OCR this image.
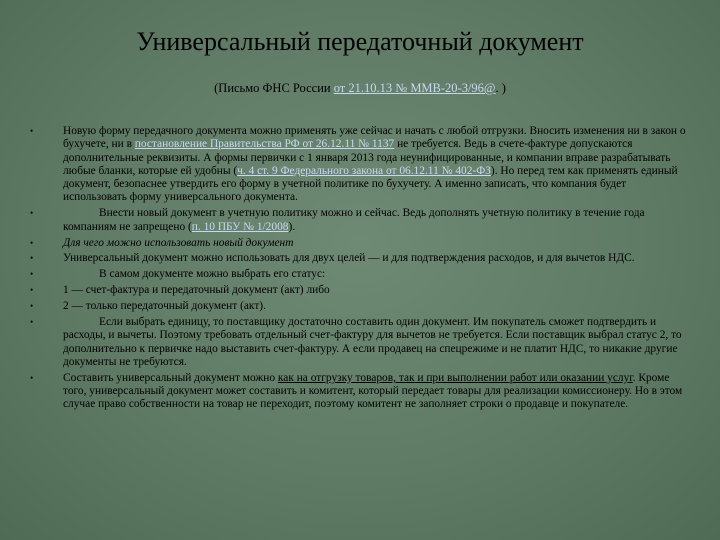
Универсальный передаточный документ
(Письмо ФНС России от 21.10.13 № ММВ-20-3/96@. )
•	Новую форму передачного документа можно применять уже сейчас и начать с любой отгрузки. Вносить изменения ни в закон о бухучете, ни в постановление Правительства РФ от 26.12.11 № 1137 не требуется. Ведь в счете-фактуре допускаются дополнительные реквизиты. А формы первички с 1 января 2013 года неунифицированные, и компании вправе разрабатывать любые бланки, которые ей удобны (ч. 4 ст. 9 Федерального закона от 06.12.11 № 402-ФЗ). Но перед тем как применять единый документ, безопаснее утвердить его форму в учетной политике по бухучету. А именно записать, что компания будет использовать форму универсального документа.
•	Внести новый документ в учетную политику можно и сейчас. Ведь дополнять учетную политику в течение года компаниям не запрещено (п. 10 ПБУ № 1/2008).
•	Для чего можно использовать новый документ
•	Универсальный документ можно использовать для двух целей — и для подтверждения расходов, и для вычетов НДС.
•	В самом документе можно выбрать его статус:
•	1 — счет-фактура и передаточный документ (акт) либо
•	2 — только передаточный документ (акт).
•	Если выбрать единицу, то поставщику достаточно составить один документ. Им покупатель сможет подтвердить и расходы, и вычеты. Поэтому требовать отдельный счет-фактуру для вычетов не требуется. Если поставщик выбрал статус 2, то дополнительно к первичке надо выставить счет-фактуру. А если продавец на спецрежиме и не платит НДС, то никакие другие документы не требуются.
•	Составить универсальный документ можно как на отгрузку товаров, так и при выполнении работ или оказании услуг. Кроме того, универсальный документ может составить и комитент, который передает товары для реализации комиссионеру. Но в этом случае право собственности на товар не переходит, поэтому комитент не заполняет строки о продавце и покупателе.
